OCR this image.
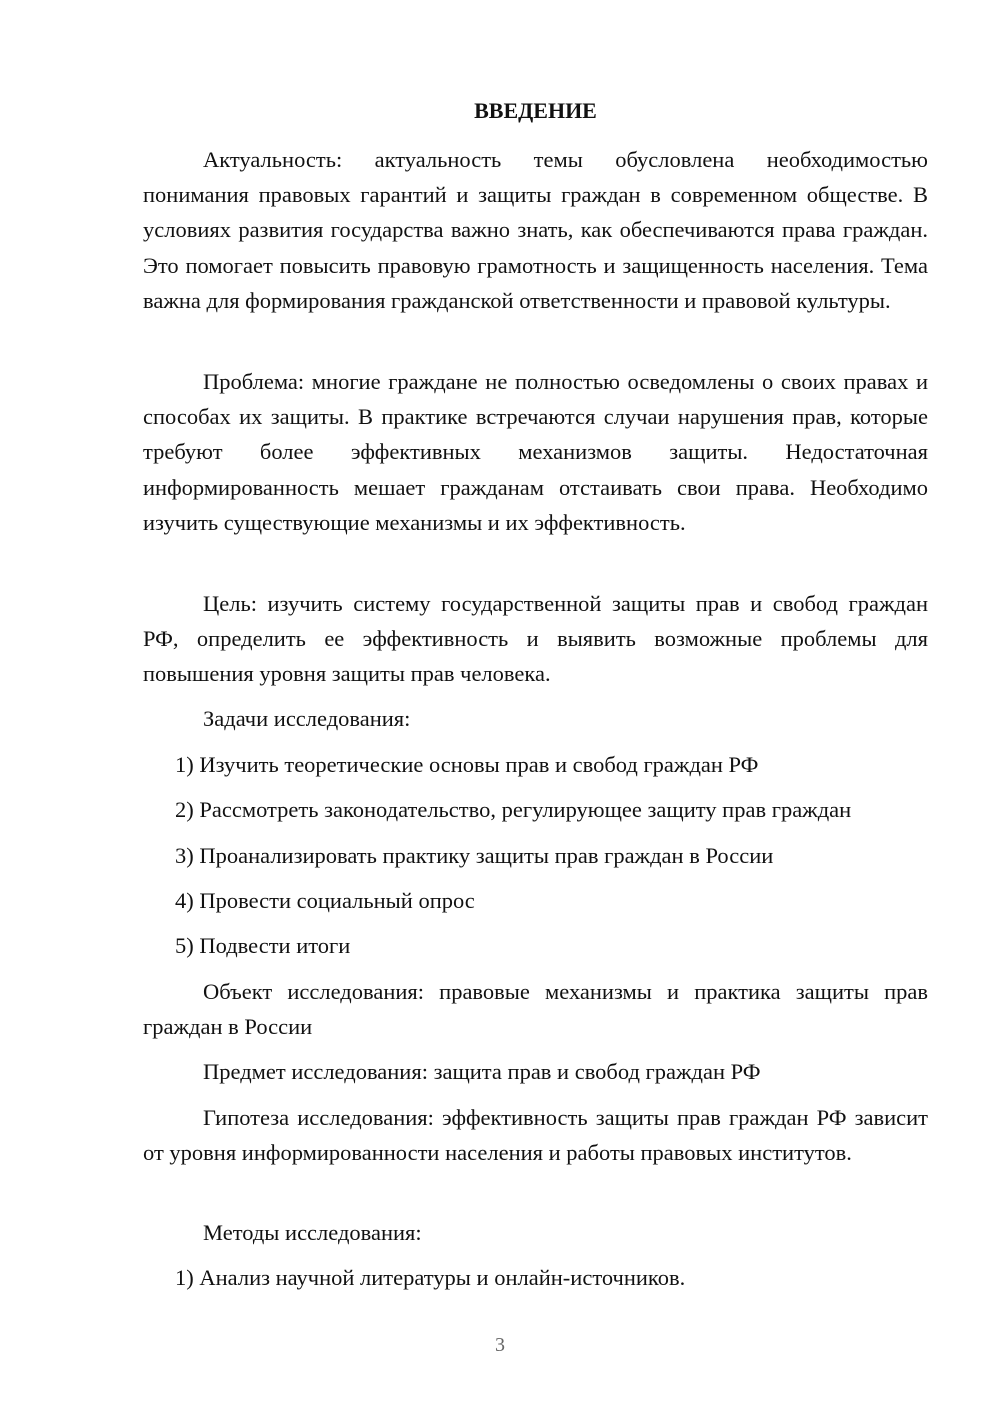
ВВЕДЕНИЕ

Актуальность: актуальность темы обусловлена необходимостью понимания правовых гарантий и защиты граждан в современном обществе. В условиях развития государства важно знать, как обеспечиваются права граждан. Это помогает повысить правовую грамотность и защищенность населения. Тема важна для формирования гражданской ответственности и правовой культуры.

Проблема: многие граждане не полностью осведомлены о своих правах и способах их защиты. В практике встречаются случаи нарушения прав, которые требуют более эффективных механизмов защиты. Недостаточная информированность мешает гражданам отстаивать свои права. Необходимо изучить существующие механизмы и их эффективность.

Цель: изучить систему государственной защиты прав и свобод граждан РФ, определить ее эффективность и выявить возможные проблемы для повышения уровня защиты прав человека.

Задачи исследования:

1) Изучить теоретические основы прав и свобод граждан РФ

2) Рассмотреть законодательство, регулирующее защиту прав граждан

3) Проанализировать практику защиты прав граждан в России

4) Провести социальный опрос

5) Подвести итоги

Объект исследования: правовые механизмы и практика защиты прав граждан в России

Предмет исследования: защита прав и свобод граждан РФ

Гипотеза исследования: эффективность защиты прав граждан РФ зависит от уровня информированности населения и работы правовых институтов.

Методы исследования:

1) Анализ научной литературы и онлайн-источников.

3
